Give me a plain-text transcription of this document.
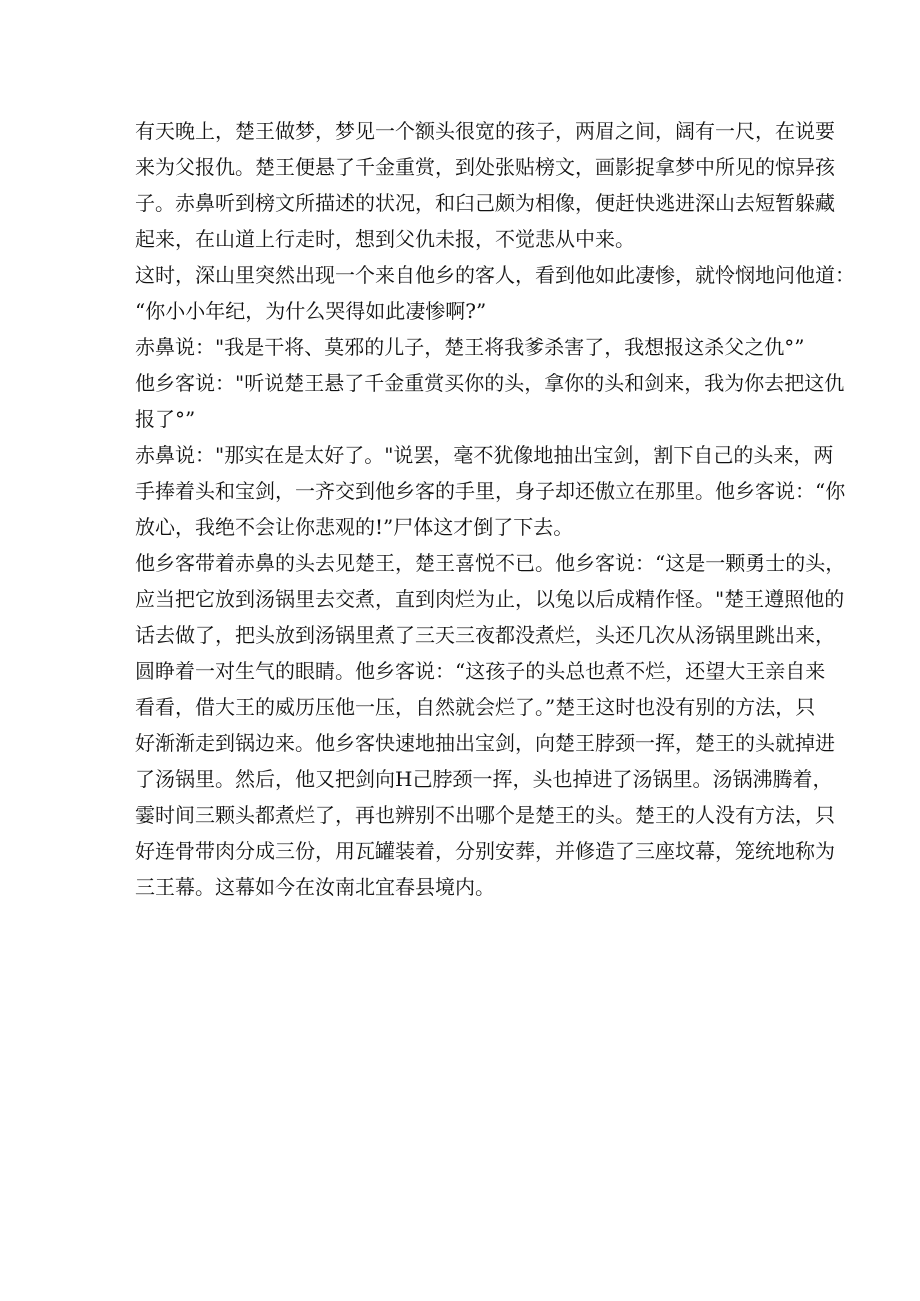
有天晚上，楚王做梦，梦见一个额头很宽的孩子，两眉之间，阔有一尺，在说要
来为父报仇。楚王便悬了千金重赏，到处张贴榜文，画影捉拿梦中所见的惊异孩
子。赤鼻听到榜文所描述的状况，和臼己颇为相像，便赶快逃进深山去短暂躲藏
起来，在山道上行走时，想到父仇未报，不觉悲从中来。
这时，深山里突然出现一个来自他乡的客人，看到他如此凄惨，就怜悯地问他道：
“你小小年纪，为什么哭得如此凄惨啊?”
赤鼻说："我是干将、莫邪的儿子，楚王将我爹杀害了，我想报这杀父之仇°”
他乡客说："听说楚王悬了千金重赏买你的头，拿你的头和剑来，我为你去把这仇
报了°”
赤鼻说："那实在是太好了。"说罢，毫不犹像地抽出宝剑，割下自己的头来，两
手捧着头和宝剑，一齐交到他乡客的手里，身子却还傲立在那里。他乡客说：“你
放心，我绝不会让你悲观的!”尸体这才倒了下去。
他乡客带着赤鼻的头去见楚王，楚王喜悦不已。他乡客说：“这是一颗勇士的头，
应当把它放到汤锅里去交煮，直到肉烂为止，以兔以后成精作怪。"楚王遵照他的
话去做了，把头放到汤锅里煮了三天三夜都没煮烂，头还几次从汤锅里跳出来，
圆睁着一对生气的眼睛。他乡客说：“这孩子的头总也煮不烂，还望大王亲自来
看看，借大王的威历压他一压，自然就会烂了。”楚王这时也没有别的方法，只
好渐渐走到锅边来。他乡客快速地抽出宝剑，向楚王脖颈一挥，楚王的头就掉进
了汤锅里。然后，他又把剑向H己脖颈一挥，头也掉进了汤锅里。汤锅沸腾着，
霎时间三颗头都煮烂了，再也辨别不出哪个是楚王的头。楚王的人没有方法，只
好连骨带肉分成三份，用瓦罐装着，分别安葬，并修造了三座坟幕，笼统地称为
三王幕。这幕如今在汝南北宜春县境内。
